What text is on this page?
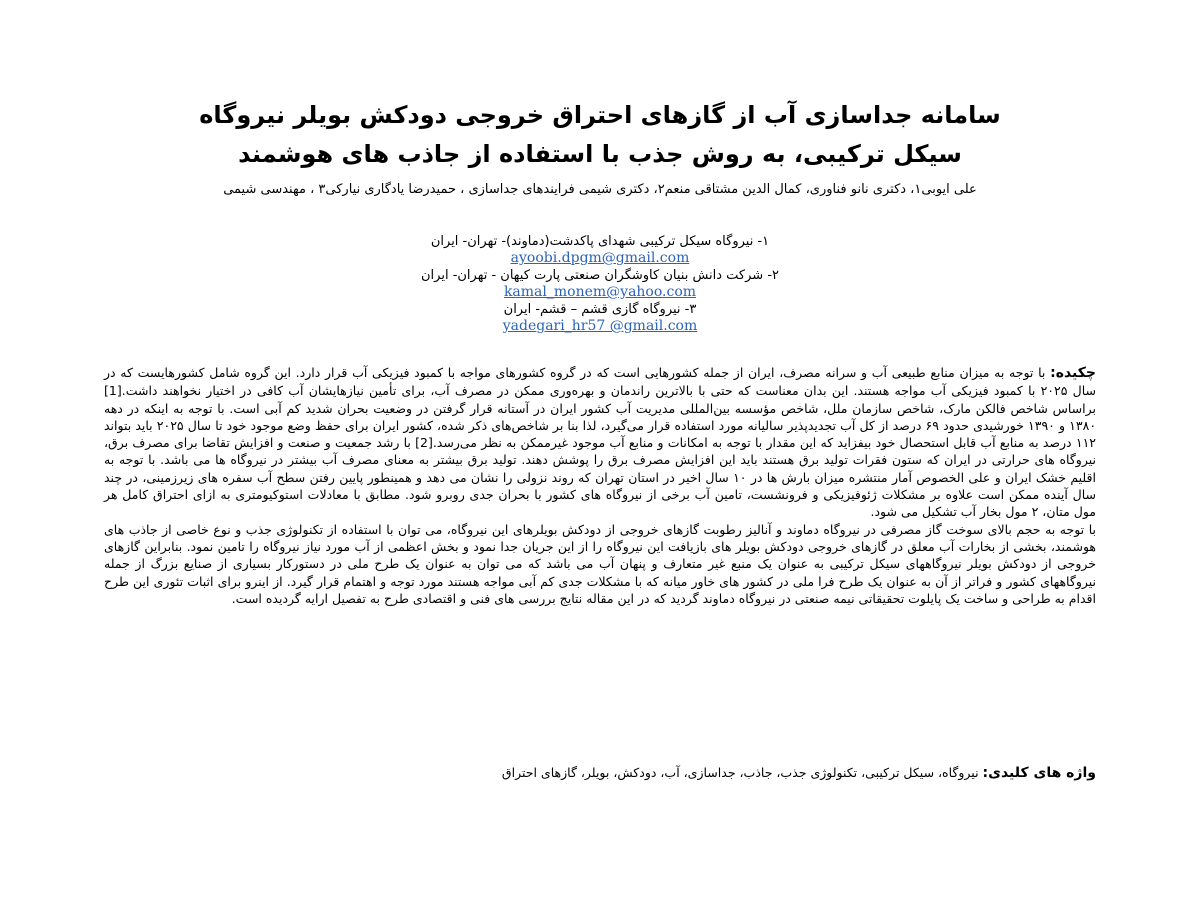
سامانه جداسازی آب از گازهای احتراق خروجی دودکش بویلر نیروگاه
سیکل ترکیبی، به روش جذب با استفاده از جاذب های هوشمند
علی ایوبی۱، دکتری نانو فناوری، کمال الدین مشتاقی منعم۲، دکتری شیمی فرایندهای جداسازی ، حمیدرضا یادگاری نیارکی۳ ، مهندسی شیمی
۱- نیروگاه سیکل ترکیبی شهدای پاکدشت(دماوند)- تهران- ایران
ayoobi.dpgm@gmail.com
۲- شرکت دانش بنیان کاوشگران صنعتی پارت کیهان - تهران- ایران
kamal_monem@yahoo.com
۳- نیروگاه گازی قشم – قشم- ایران
yadegari_hr57 @gmail.com

چکیده: با توجه به میزان منابع طبیعی آب و سرانه مصرف، ایران از جمله کشورهایی است که در گروه کشورهای مواجه با کمبود فیزیکی آب قرار دارد. این گروه شامل کشورهایست که در سال ۲۰۲۵ با کمبود فیزیکی آب مواجه هستند. این بدان معناست که حتی با بالاترین راندمان و بهره‌وری ممکن در مصرف آب، برای تأمین نیازهایشان آب کافی در اختیار نخواهند داشت.[1] براساس شاخص فالکن مارک، شاخص سازمان ملل، شاخص مؤسسه بین‌المللی مدیریت آب کشور ایران در آستانه قرار گرفتن در وضعیت بحران شدید کم آبی است. با توجه به اینکه در دهه ۱۳۸۰ و ۱۳۹۰ خورشیدی حدود ۶۹ درصد از کل آب تجدیدپذیر سالیانه مورد استفاده قرار می‌گیرد، لذا بنا بر شاخص‌های ذکر شده، کشور ایران برای حفظ وضع موجود خود تا سال ۲۰۲۵ باید بتواند ۱۱۲ درصد به منابع آب قابل استحصال خود بیفزاید که این مقدار با توجه به امکانات و منابع آب موجود غیرممکن به نظر می‌رسد.[2] با رشد جمعیت و صنعت و افزایش تقاضا برای مصرف برق، نیروگاه های حرارتی در ایران که ستون فقرات تولید برق هستند باید این افزایش مصرف برق را پوشش دهند. تولید برق بیشتر به معنای مصرف آب بیشتر در نیروگاه ها می باشد. با توجه به اقلیم خشک ایران و علی الخصوص آمار منتشره میزان بارش ها در ۱۰ سال اخیر در استان تهران که روند نزولی را نشان می دهد و همینطور پایین رفتن سطح آب سفره های زیرزمینی، در چند سال آینده ممکن است علاوه بر مشکلات ژئوفیزیکی و فرونشست، تامین آب برخی از نیروگاه های کشور با بحران جدی روبرو شود. مطابق با معادلات استوکیومتری به ازای احتراق کامل هر مول متان، ۲ مول بخار آب تشکیل می شود.

با توجه به حجم بالای سوخت گاز مصرفی در نیروگاه دماوند و آنالیز رطوبت گازهای خروجی از دودکش بویلرهای این نیروگاه، می توان با استفاده از تکنولوژی جذب و نوع خاصی از جاذب های هوشمند، بخشی از بخارات آب معلق در گازهای خروجی دودکش بویلر های بازیافت این نیروگاه را از این جریان جدا نمود و بخش اعظمی از آب مورد نیاز نیروگاه را تامین نمود. بنابراین گازهای خروجی از دودکش بویلر نیروگاههای سیکل ترکیبی به عنوان یک منبع غیر متعارف و پنهان آب می باشد که می توان به عنوان یک طرح ملی در دستورکار بسیاری از صنایع بزرگ از جمله نیروگاههای کشور و فراتر از آن به عنوان یک طرح فرا ملی در کشور های خاور میانه که با مشکلات جدی کم آبی مواجه هستند مورد توجه و اهتمام قرار گیرد. از اینرو برای اثبات تئوری این طرح اقدام به طراحی و ساخت یک پایلوت تحقیقاتی نیمه صنعتی در نیروگاه دماوند گردید که در این مقاله نتایج بررسی های فنی و اقتصادی طرح به تفصیل ارایه گردیده است.

واژه های کلیدی: نیروگاه، سیکل ترکیبی، تکنولوژی جذب، جاذب، جداسازی، آب، دودکش، بویلر، گازهای احتراق
